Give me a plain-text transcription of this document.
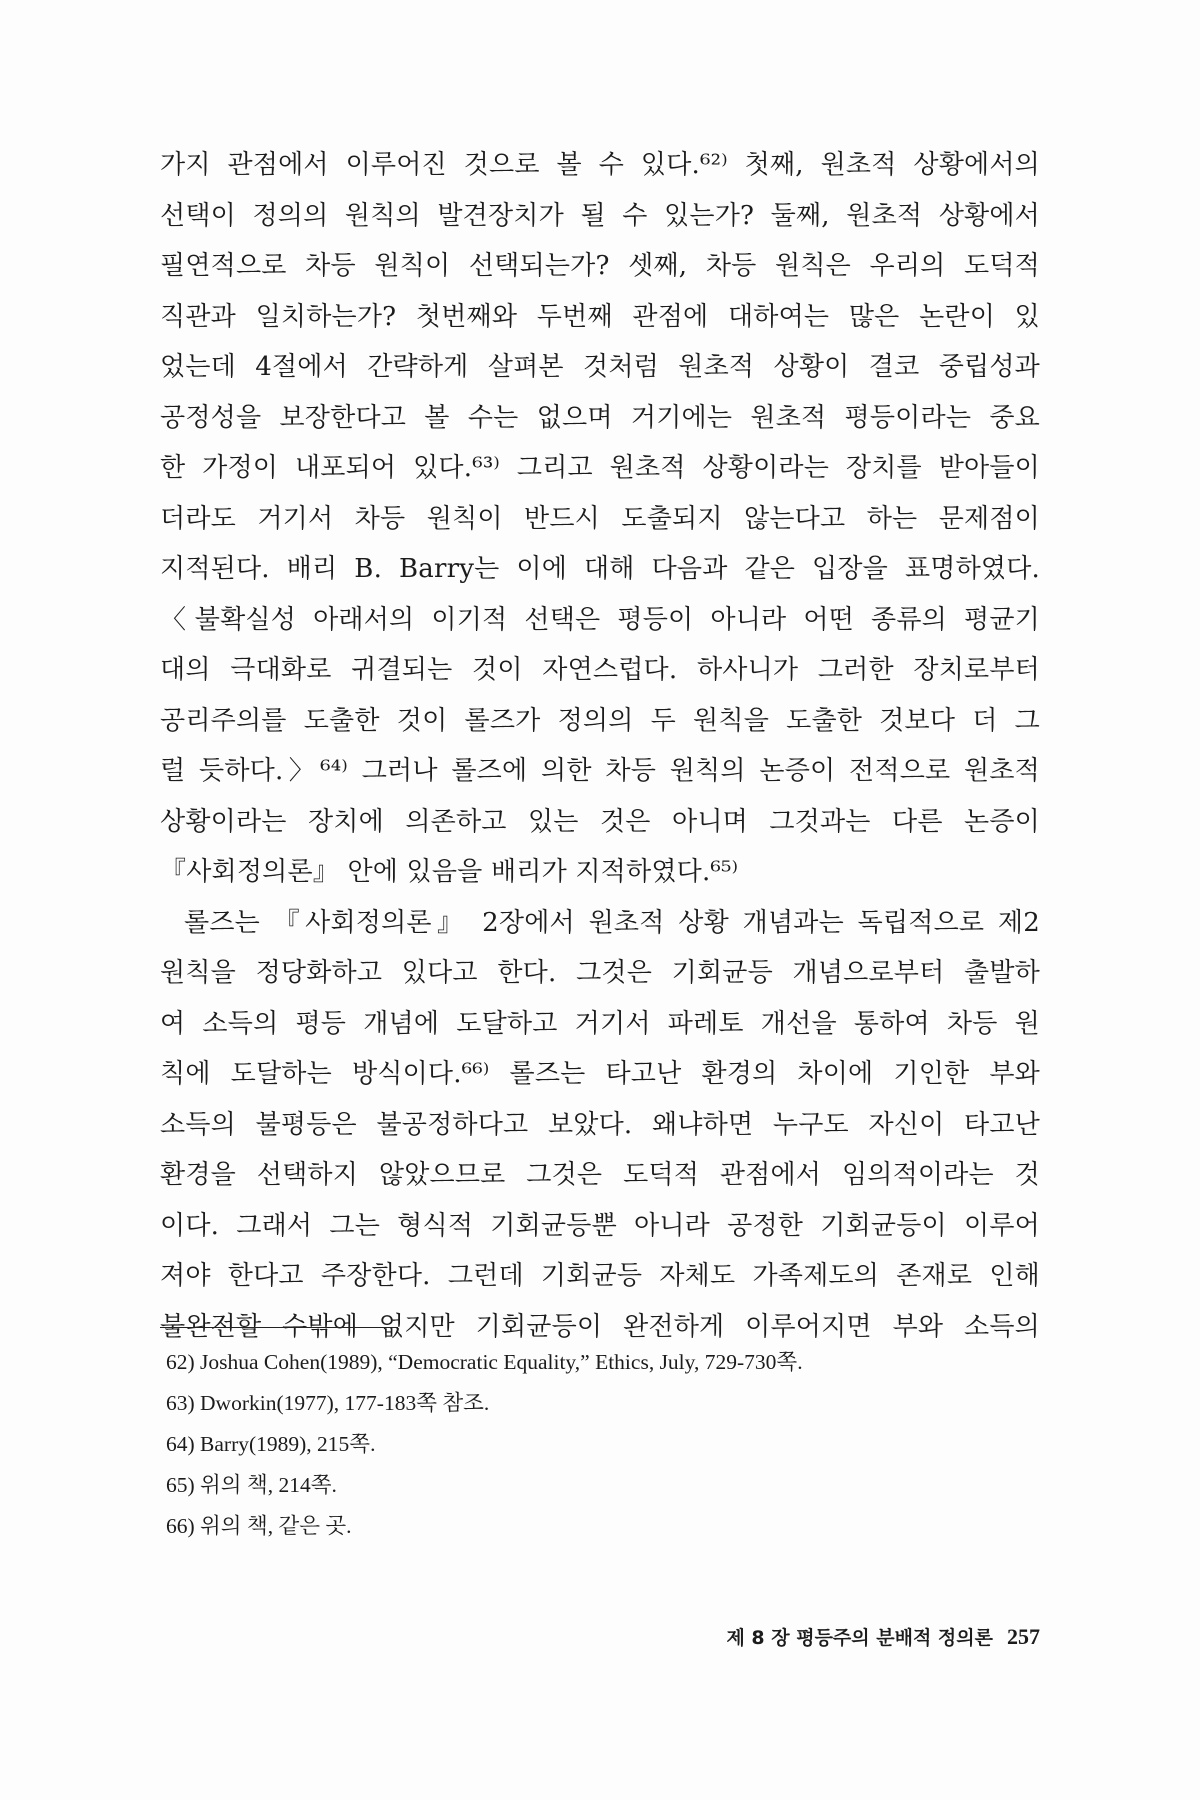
가지 관점에서 이루어진 것으로 볼 수 있다.⁶²⁾ 첫째, 원초적 상황에서의
선택이 정의의 원칙의 발견장치가 될 수 있는가? 둘째, 원초적 상황에서
필연적으로 차등 원칙이 선택되는가? 셋째, 차등 원칙은 우리의 도덕적
직관과 일치하는가? 첫번째와 두번째 관점에 대하여는 많은 논란이 있
었는데 4절에서 간략하게 살펴본 것처럼 원초적 상황이 결코 중립성과
공정성을 보장한다고 볼 수는 없으며 거기에는 원초적 평등이라는 중요
한 가정이 내포되어 있다.⁶³⁾ 그리고 원초적 상황이라는 장치를 받아들이
더라도 거기서 차등 원칙이 반드시 도출되지 않는다고 하는 문제점이
지적된다. 배리 B. Barry는 이에 대해 다음과 같은 입장을 표명하였다.
〈불확실성 아래서의 이기적 선택은 평등이 아니라 어떤 종류의 평균기
대의 극대화로 귀결되는 것이 자연스럽다. 하사니가 그러한 장치로부터
공리주의를 도출한 것이 롤즈가 정의의 두 원칙을 도출한 것보다 더 그
럴 듯하다.〉⁶⁴⁾ 그러나 롤즈에 의한 차등 원칙의 논증이 전적으로 원초적
상황이라는 장치에 의존하고 있는 것은 아니며 그것과는 다른 논증이
『사회정의론』 안에 있음을 배리가 지적하였다.⁶⁵⁾
롤즈는 『사회정의론』 2장에서 원초적 상황 개념과는 독립적으로 제2
원칙을 정당화하고 있다고 한다. 그것은 기회균등 개념으로부터 출발하
여 소득의 평등 개념에 도달하고 거기서 파레토 개선을 통하여 차등 원
칙에 도달하는 방식이다.⁶⁶⁾ 롤즈는 타고난 환경의 차이에 기인한 부와
소득의 불평등은 불공정하다고 보았다. 왜냐하면 누구도 자신이 타고난
환경을 선택하지 않았으므로 그것은 도덕적 관점에서 임의적이라는 것
이다. 그래서 그는 형식적 기회균등뿐 아니라 공정한 기회균등이 이루어
져야 한다고 주장한다. 그런데 기회균등 자체도 가족제도의 존재로 인해
불완전할 수밖에 없지만 기회균등이 완전하게 이루어지면 부와 소득의
62) Joshua Cohen(1989), “Democratic Equality,” Ethics, July, 729-730쪽.
63) Dworkin(1977), 177-183쪽 참조.
64) Barry(1989), 215쪽.
65) 위의 책, 214쪽.
66) 위의 책, 같은 곳.
제 8 장 평등주의 분배적 정의론 257
